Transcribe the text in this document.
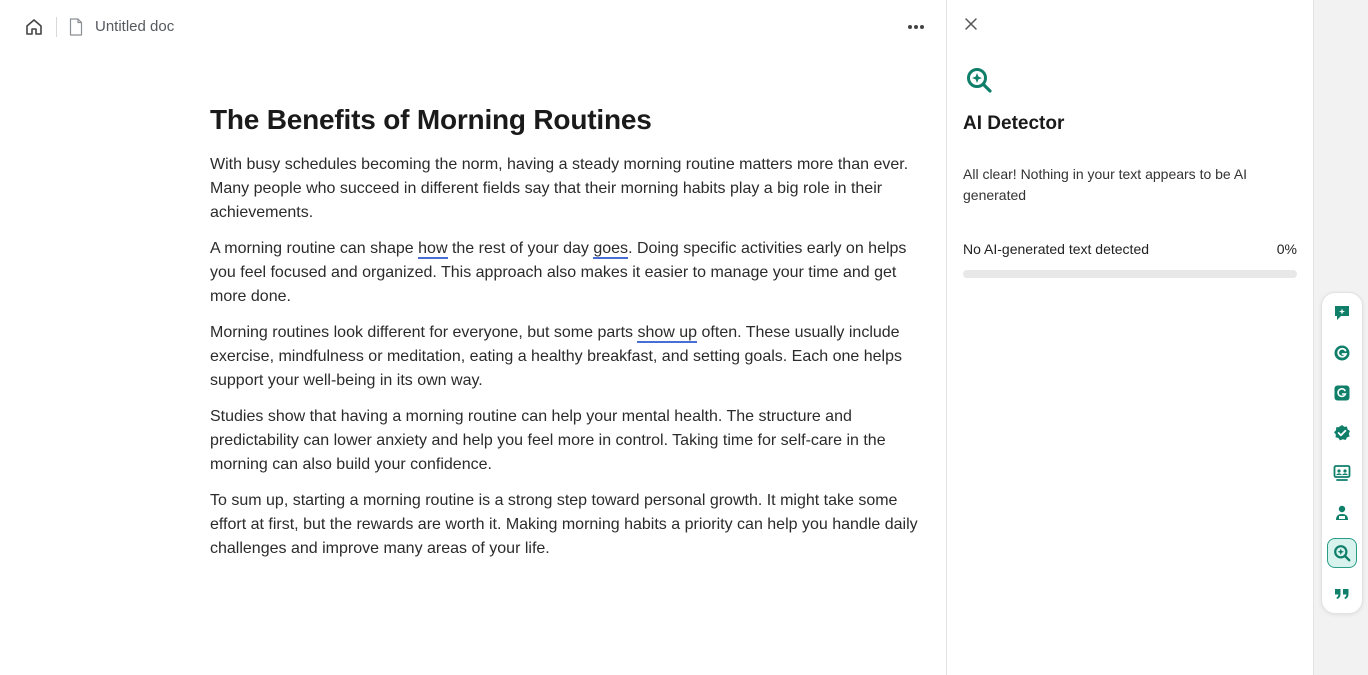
Untitled doc
The Benefits of Morning Routines

With busy schedules becoming the norm, having a steady morning routine matters more than ever. Many people who succeed in different fields say that their morning habits play a big role in their achievements.

A morning routine can shape how the rest of your day goes. Doing specific activities early on helps you feel focused and organized. This approach also makes it easier to manage your time and get more done.

Morning routines look different for everyone, but some parts show up often. These usually include exercise, mindfulness or meditation, eating a healthy breakfast, and setting goals. Each one helps support your well-being in its own way.

Studies show that having a morning routine can help your mental health. The structure and predictability can lower anxiety and help you feel more in control. Taking time for self-care in the morning can also build your confidence.

To sum up, starting a morning routine is a strong step toward personal growth. It might take some effort at first, but the rewards are worth it. Making morning habits a priority can help you handle daily challenges and improve many areas of your life.

AI Detector
All clear! Nothing in your text appears to be AI generated
No AI-generated text detected	0%
